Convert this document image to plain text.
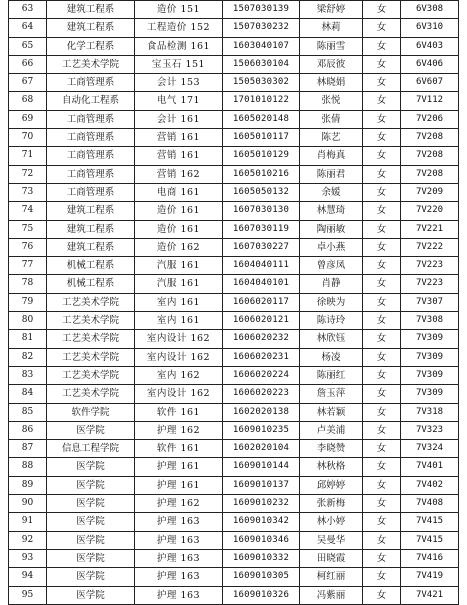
63	建筑工程系	造价 151	1507030139	梁舒婷	女	6V308
64	建筑工程系	工程造价 152	1507030232	林莉	女	6V310
65	化学工程系	食品检测 161	1603040107	陈丽雪	女	6V403
66	工艺美术学院	宝玉石 151	1506030104	邓辰彼	女	6V406
67	工商管理系	会计 153	1505030302	林晓娟	女	6V607
68	自动化工程系	电气 171	1701010122	张悦	女	7V112
69	工商管理系	会计 161	1605020148	张倩	女	7V206
70	工商管理系	营销 161	1605010117	陈艺	女	7V208
71	工商管理系	营销 161	1605010129	肖梅真	女	7V208
72	工商管理系	营销 162	1605010216	陈丽君	女	7V208
73	工商管理系	电商 161	1605050132	余媛	女	7V209
74	建筑工程系	造价 161	1607030130	林慧琦	女	7V220
75	建筑工程系	造价 161	1607030119	陶丽敏	女	7V221
76	建筑工程系	造价 162	1607030227	卓小燕	女	7V222
77	机械工程系	汽服 161	1604040111	曾彦凤	女	7V223
78	机械工程系	汽服 161	1604040101	肖静	女	7V223
79	工艺美术学院	室内 161	1606020117	徐映为	女	7V307
80	工艺美术学院	室内 161	1606020121	陈诗玲	女	7V308
81	工艺美术学院	室内设计 162	1606020232	林欣钰	女	7V309
82	工艺美术学院	室内设计 162	1606020231	杨凌	女	7V309
83	工艺美术学院	室内 162	1606020224	陈丽红	女	7V309
84	工艺美术学院	室内设计 162	1606020223	詹玉萍	女	7V309
85	软件学院	软件 161	1602020138	林若颖	女	7V318
86	医学院	护理 162	1609010235	卢美浦	女	7V323
87	信息工程学院	软件 161	1602020104	李晓赞	女	7V324
88	医学院	护理 161	1609010144	林秋格	女	7V401
89	医学院	护理 161	1609010137	邱婷婷	女	7V402
90	医学院	护理 162	1609010232	张新梅	女	7V408
91	医学院	护理 163	1609010342	林小婷	女	7V415
92	医学院	护理 163	1609010346	吴曼华	女	7V415
93	医学院	护理 163	1609010332	田晓霞	女	7V416
94	医学院	护理 163	1609010305	柯红丽	女	7V419
95	医学院	护理 163	1609010326	冯紫丽	女	7V421
